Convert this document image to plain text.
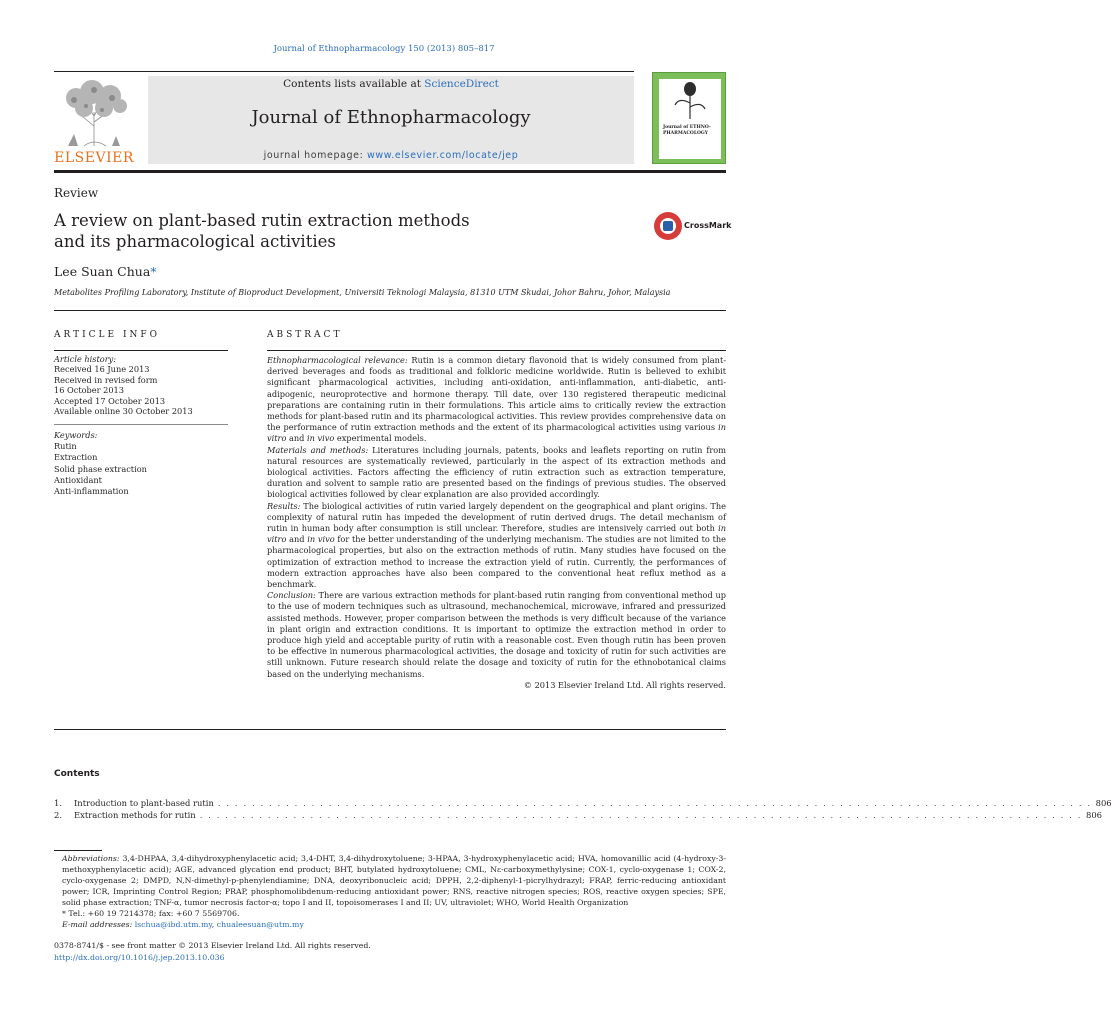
Journal of Ethnopharmacology 150 (2013) 805–817
ELSEVIER
Contents lists available at ScienceDirect
Journal of Ethnopharmacology
journal homepage: www.elsevier.com/locate/jep
Journal of ETHNO-PHARMACOLOGY
Review
A review on plant-based rutin extraction methods
and its pharmacological activities
CrossMark
Lee Suan Chua*
Metabolites Profiling Laboratory, Institute of Bioproduct Development, Universiti Teknologi Malaysia, 81310 UTM Skudai, Johor Bahru, Johor, Malaysia
ARTICLE INFO	ABSTRACT
Article history:
Received 16 June 2013
Received in revised form
16 October 2013
Accepted 17 October 2013
Available online 30 October 2013
Keywords:
Rutin
Extraction
Solid phase extraction
Antioxidant
Anti-inflammation

Ethnopharmacological relevance: Rutin is a common dietary flavonoid that is widely consumed from plant-derived beverages and foods as traditional and folkloric medicine worldwide. Rutin is believed to exhibit significant pharmacological activities, including anti-oxidation, anti-inflammation, anti-diabetic, anti-adipogenic, neuroprotective and hormone therapy. Till date, over 130 registered therapeutic medicinal preparations are containing rutin in their formulations. This article aims to critically review the extraction methods for plant-based rutin and its pharmacological activities. This review provides comprehensive data on the performance of rutin extraction methods and the extent of its pharmacological activities using various in vitro and in vivo experimental models.

Materials and methods: Literatures including journals, patents, books and leaflets reporting on rutin from natural resources are systematically reviewed, particularly in the aspect of its extraction methods and biological activities. Factors affecting the efficiency of rutin extraction such as extraction temperature, duration and solvent to sample ratio are presented based on the findings of previous studies. The observed biological activities followed by clear explanation are also provided accordingly.

Results: The biological activities of rutin varied largely dependent on the geographical and plant origins. The complexity of natural rutin has impeded the development of rutin derived drugs. The detail mechanism of rutin in human body after consumption is still unclear. Therefore, studies are intensively carried out both in vitro and in vivo for the better understanding of the underlying mechanism. The studies are not limited to the pharmacological properties, but also on the extraction methods of rutin. Many studies have focused on the optimization of extraction method to increase the extraction yield of rutin. Currently, the performances of modern extraction approaches have also been compared to the conventional heat reflux method as a benchmark.

Conclusion: There are various extraction methods for plant-based rutin ranging from conventional method up to the use of modern techniques such as ultrasound, mechanochemical, microwave, infrared and pressurized assisted methods. However, proper comparison between the methods is very difficult because of the variance in plant origin and extraction conditions. It is important to optimize the extraction method in order to produce high yield and acceptable purity of rutin with a reasonable cost. Even though rutin has been proven to be effective in numerous pharmacological activities, the dosage and toxicity of rutin for such activities are still unknown. Future research should relate the dosage and toxicity of rutin for the ethnobotanical claims based on the underlying mechanisms.

© 2013 Elsevier Ireland Ltd. All rights reserved.

Contents
1.	Introduction to plant-based rutin . . . . . . . . . . . . . . . . . . . . . . . . . . . . . . . . . . . . . . . . . . . . . . . . . . . . . . . . . . . . . . . . . . . . . . . . . . . . . . . . . . . . . . . . . . . . . . . . . . . . . . . 806
2.	Extraction methods for rutin . . . . . . . . . . . . . . . . . . . . . . . . . . . . . . . . . . . . . . . . . . . . . . . . . . . . . . . . . . . . . . . . . . . . . . . . . . . . . . . . . . . . . . . . . . . . . . . . . . . . . . . . 806
Abbreviations: 3,4-DHPAA, 3,4-dihydroxyphenylacetic acid; 3,4-DHT, 3,4-dihydroxytoluene; 3-HPAA, 3-hydroxyphenylacetic acid; HVA, homovanillic acid (4-hydroxy-3-methoxyphenylacetic acid); AGE, advanced glycation end product; BHT, butylated hydroxytoluene; CML, Nε-carboxymethylysine; COX-1, cyclo-oxygenase 1; COX-2, cyclo-oxygenase 2; DMPD, N,N-dimethyl-p-phenylendiamine; DNA, deoxyribonucleic acid; DPPH, 2,2-diphenyl-1-picrylhydrazyl; FRAP, ferric-reducing antioxidant power; ICR, Imprinting Control Region; PRAP, phosphomolibdenum-reducing antioxidant power; RNS, reactive nitrogen species; ROS, reactive oxygen species; SPE, solid phase extraction; TNF-α, tumor necrosis factor-α; topo I and II, topoisomerases I and II; UV, ultraviolet; WHO, World Health Organization
* Tel.: +60 19 7214378; fax: +60 7 5569706.
E-mail addresses: lschua@ibd.utm.my, chualeesuan@utm.my
0378-8741/$ - see front matter © 2013 Elsevier Ireland Ltd. All rights reserved.
http://dx.doi.org/10.1016/j.jep.2013.10.036
